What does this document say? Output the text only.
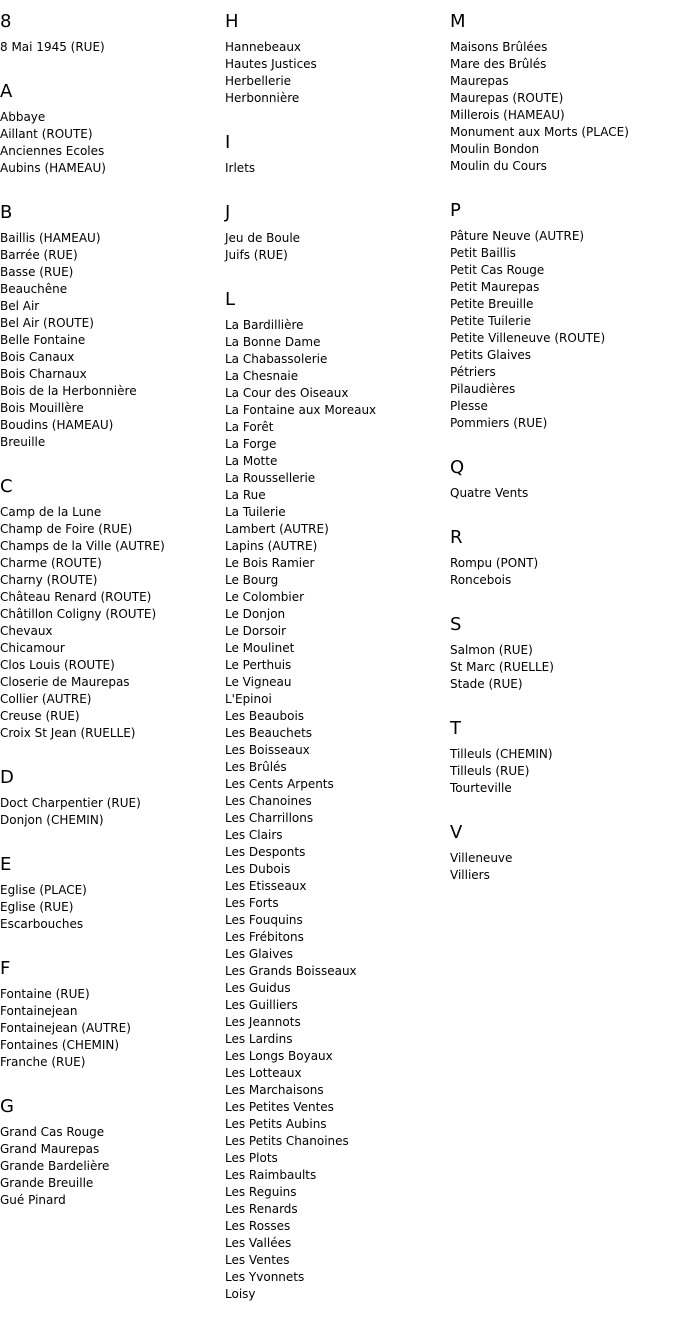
8
8 Mai 1945 (RUE)
A
Abbaye
Aillant (ROUTE)
Anciennes Ecoles
Aubins (HAMEAU)
B
Baillis (HAMEAU)
Barrée (RUE)
Basse (RUE)
Beauchêne
Bel Air
Bel Air (ROUTE)
Belle Fontaine
Bois Canaux
Bois Charnaux
Bois de la Herbonnière
Bois Mouillère
Boudins (HAMEAU)
Breuille
C
Camp de la Lune
Champ de Foire (RUE)
Champs de la Ville (AUTRE)
Charme (ROUTE)
Charny (ROUTE)
Château Renard (ROUTE)
Châtillon Coligny (ROUTE)
Chevaux
Chicamour
Clos Louis (ROUTE)
Closerie de Maurepas
Collier (AUTRE)
Creuse (RUE)
Croix St Jean (RUELLE)
D
Doct Charpentier (RUE)
Donjon (CHEMIN)
E
Eglise (PLACE)
Eglise (RUE)
Escarbouches
F
Fontaine (RUE)
Fontainejean
Fontainejean (AUTRE)
Fontaines (CHEMIN)
Franche (RUE)
G
Grand Cas Rouge
Grand Maurepas
Grande Bardelière
Grande Breuille
Gué Pinard
H
Hannebeaux
Hautes Justices
Herbellerie
Herbonnière
I
Irlets
J
Jeu de Boule
Juifs (RUE)
L
La Bardillière
La Bonne Dame
La Chabassolerie
La Chesnaie
La Cour des Oiseaux
La Fontaine aux Moreaux
La Forêt
La Forge
La Motte
La Roussellerie
La Rue
La Tuilerie
Lambert (AUTRE)
Lapins (AUTRE)
Le Bois Ramier
Le Bourg
Le Colombier
Le Donjon
Le Dorsoir
Le Moulinet
Le Perthuis
Le Vigneau
L'Epinoi
Les Beaubois
Les Beauchets
Les Boisseaux
Les Brûlés
Les Cents Arpents
Les Chanoines
Les Charrillons
Les Clairs
Les Desponts
Les Dubois
Les Etisseaux
Les Forts
Les Fouquins
Les Frébitons
Les Glaives
Les Grands Boisseaux
Les Guidus
Les Guilliers
Les Jeannots
Les Lardins
Les Longs Boyaux
Les Lotteaux
Les Marchaisons
Les Petites Ventes
Les Petits Aubins
Les Petits Chanoines
Les Plots
Les Raimbaults
Les Reguins
Les Renards
Les Rosses
Les Vallées
Les Ventes
Les Yvonnets
Loisy
M
Maisons Brûlées
Mare des Brûlés
Maurepas
Maurepas (ROUTE)
Millerois (HAMEAU)
Monument aux Morts (PLACE)
Moulin Bondon
Moulin du Cours
P
Pâture Neuve (AUTRE)
Petit Baillis
Petit Cas Rouge
Petit Maurepas
Petite Breuille
Petite Tuilerie
Petite Villeneuve (ROUTE)
Petits Glaives
Pétriers
Pilaudières
Plesse
Pommiers (RUE)
Q
Quatre Vents
R
Rompu (PONT)
Roncebois
S
Salmon (RUE)
St Marc (RUELLE)
Stade (RUE)
T
Tilleuls (CHEMIN)
Tilleuls (RUE)
Tourteville
V
Villeneuve
Villiers
